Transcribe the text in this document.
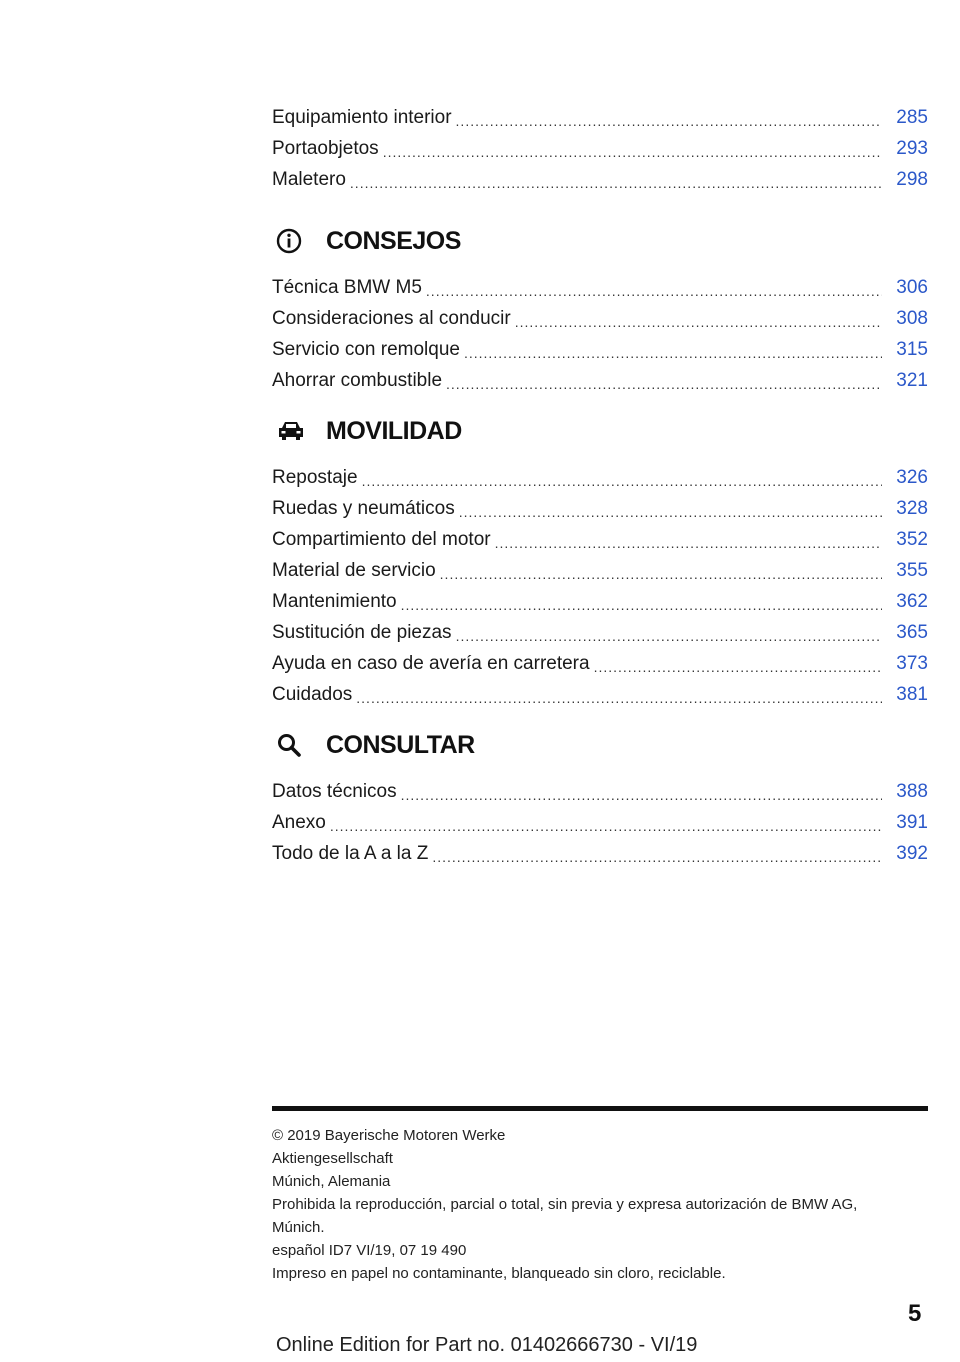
Equipamiento interior .....	285
Portaobjetos .....	293
Maletero .....	298
CONSEJOS
Técnica BMW M5 .....	306
Consideraciones al conducir .....	308
Servicio con remolque .....	315
Ahorrar combustible .....	321
MOVILIDAD
Repostaje .....	326
Ruedas y neumáticos .....	328
Compartimiento del motor .....	352
Material de servicio .....	355
Mantenimiento .....	362
Sustitución de piezas .....	365
Ayuda en caso de avería en carretera .....	373
Cuidados .....	381
CONSULTAR
Datos técnicos .....	388
Anexo .....	391
Todo de la A a la Z .....	392
© 2019 Bayerische Motoren Werke
Aktiengesellschaft
Múnich, Alemania
Prohibida la reproducción, parcial o total, sin previa y expresa autorización de BMW AG,
Múnich.
español ID7 VI/19, 07 19 490
Impreso en papel no contaminante, blanqueado sin cloro, reciclable.
5
Online Edition for Part no. 01402666730 - VI/19
